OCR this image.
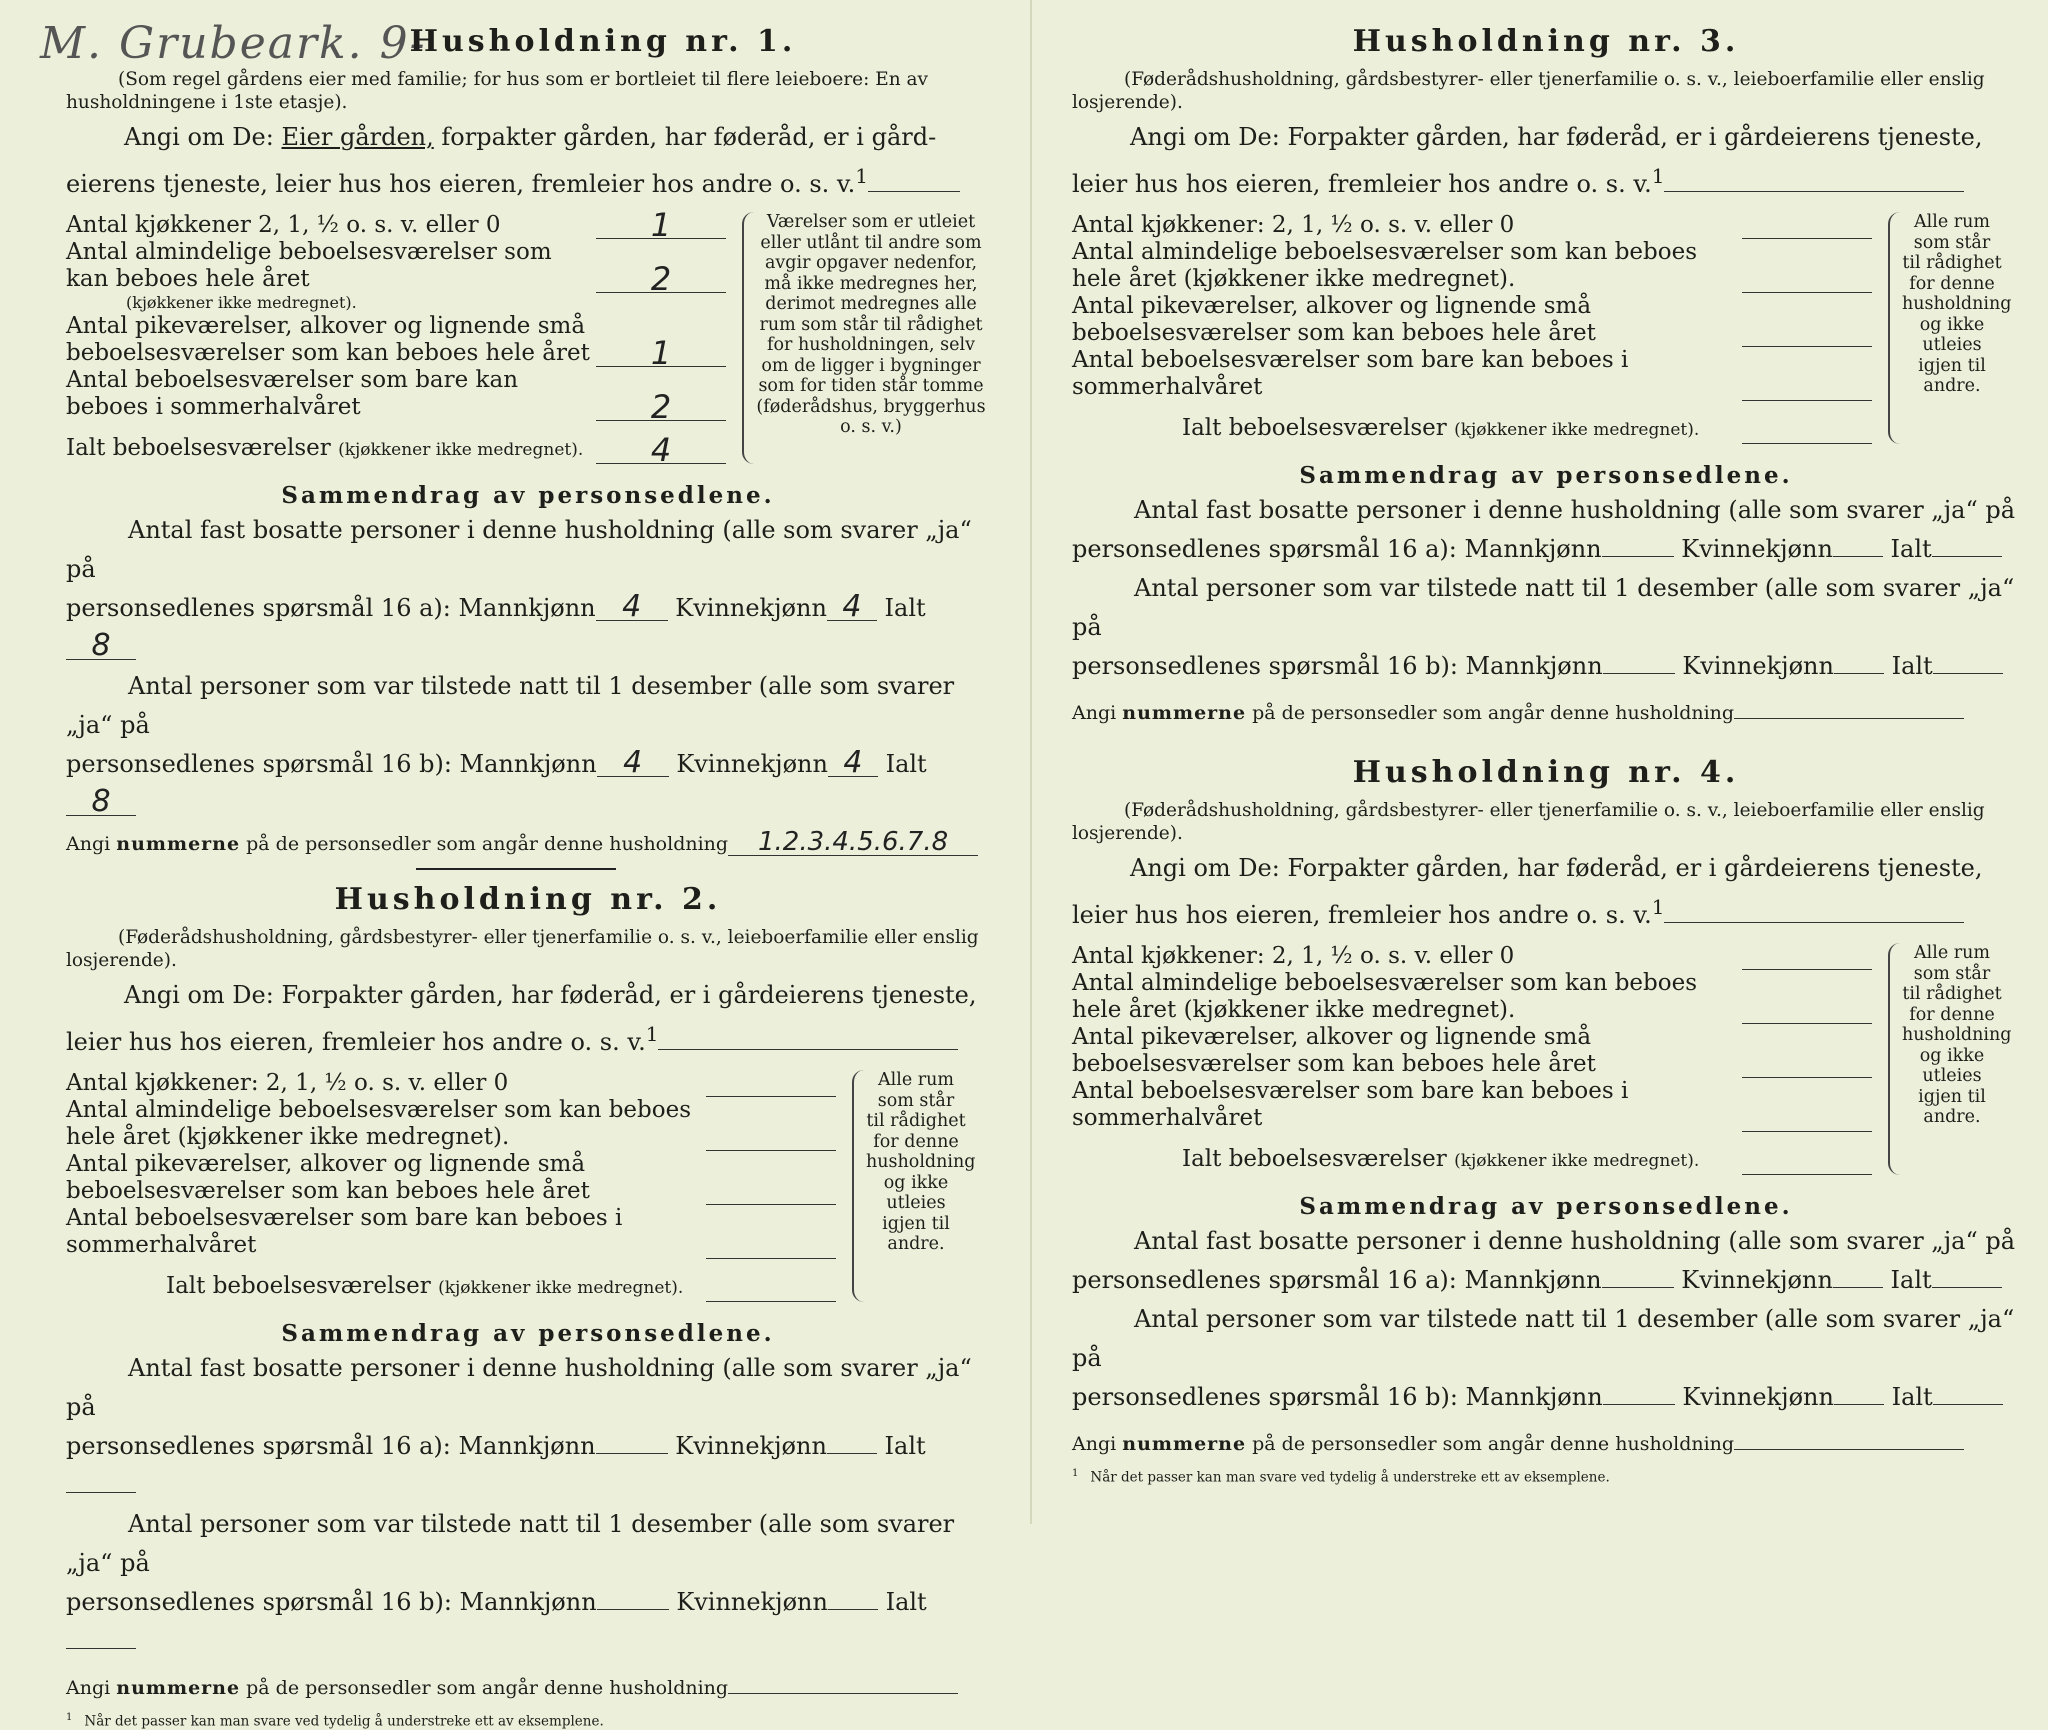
M. Grubeark. 9-
Husholdning nr. 1.

(Som regel gårdens eier med familie; for hus som er bortleiet til flere leieboere: En av husholdningene i 1ste etasje).

Angi om De: Eier gården, forpakter gården, har føderåd, er i gård-
eierens tjeneste, leier hus hos eieren, fremleier hos andre o. s. v.$^1$

Antal kjøkkener 2, 1, ½ o. s. v. eller 0	1
Antal almindelige beboelsesværelser som kan beboes hele året	2
(kjøkkener ikke medregnet).
Antal pikeværelser, alkover og lignende små beboelsesværelser som kan beboes hele året	1
Antal beboelsesværelser som bare kan beboes i sommerhalvåret	2
Ialt beboelsesværelser (kjøkkener ikke medregnet).	4
Værelser som er utleiet eller utlånt til andre som avgir opgaver nedenfor, må ikke medregnes her, derimot medregnes alle rum som står til rådighet for husholdningen, selv om de ligger i bygninger som for tiden står tomme (føderådshus, bryggerhus o. s. v.)
Sammendrag av personsedlene.

Antal fast bosatte personer i denne husholdning (alle som svarer „ja“ på

personsedlenes spørsmål 16 a): Mannkjønn 4 Kvinnekjønn 4 Ialt8

Antal personer som var tilstede natt til 1 desember (alle som svarer „ja“ på

personsedlenes spørsmål 16 b): Mannkjønn 4 Kvinnekjønn 4 Ialt8

Angi nummerne på de personsedler som angår denne husholdning 1.2.3.4.5.6.7.8
Husholdning nr. 2.

(Føderådshusholdning, gårdsbestyrer- eller tjenerfamilie o. s. v., leieboerfamilie eller enslig losjerende).

Angi om De: Forpakter gården, har føderåd, er i gårdeierens tjeneste,
leier hus hos eieren, fremleier hos andre o. s. v.$^1$

Antal kjøkkener: 2, 1, ½ o. s. v. eller 0
Antal almindelige beboelsesværelser som kan beboes hele året (kjøkkener ikke medregnet).
Antal pikeværelser, alkover og lignende små beboelsesværelser som kan beboes hele året
Antal beboelsesværelser som bare kan beboes i sommerhalvåret
Ialt beboelsesværelser (kjøkkener ikke medregnet).
Alle rum som står til rådighet for denne husholdning og ikke utleies igjen til andre.
Sammendrag av personsedlene.

Antal fast bosatte personer i denne husholdning (alle som svarer „ja“ på

personsedlenes spørsmål 16 a): Mannkjønn	Kvinnekjønn Ialt

Antal personer som var tilstede natt til 1 desember (alle som svarer „ja“ på

personsedlenes spørsmål 16 b): Mannkjønn	Kvinnekjønn Ialt

Angi nummerne på de personsedler som angår denne husholdning
$^1$ Når det passer kan man svare ved tydelig å understreke ett av eksemplene.
Husholdning nr. 3.

(Føderådshusholdning, gårdsbestyrer- eller tjenerfamilie o. s. v., leieboerfamilie eller enslig losjerende).

Angi om De: Forpakter gården, har føderåd, er i gårdeierens tjeneste,
leier hus hos eieren, fremleier hos andre o. s. v.$^1$

Antal kjøkkener: 2, 1, ½ o. s. v. eller 0
Antal almindelige beboelsesværelser som kan beboes hele året (kjøkkener ikke medregnet).
Antal pikeværelser, alkover og lignende små beboelsesværelser som kan beboes hele året
Antal beboelsesværelser som bare kan beboes i sommerhalvåret
Ialt beboelsesværelser (kjøkkener ikke medregnet).
Alle rum som står til rådighet for denne husholdning og ikke utleies igjen til andre.
Sammendrag av personsedlene.

Antal fast bosatte personer i denne husholdning (alle som svarer „ja“ på

personsedlenes spørsmål 16 a): Mannkjønn	Kvinnekjønn Ialt

Antal personer som var tilstede natt til 1 desember (alle som svarer „ja“ på

personsedlenes spørsmål 16 b): Mannkjønn	Kvinnekjønn Ialt

Angi nummerne på de personsedler som angår denne husholdning
Husholdning nr. 4.

(Føderådshusholdning, gårdsbestyrer- eller tjenerfamilie o. s. v., leieboerfamilie eller enslig losjerende).

Angi om De: Forpakter gården, har føderåd, er i gårdeierens tjeneste,
leier hus hos eieren, fremleier hos andre o. s. v.$^1$

Antal kjøkkener: 2, 1, ½ o. s. v. eller 0
Antal almindelige beboelsesværelser som kan beboes hele året (kjøkkener ikke medregnet).
Antal pikeværelser, alkover og lignende små beboelsesværelser som kan beboes hele året
Antal beboelsesværelser som bare kan beboes i sommerhalvåret
Ialt beboelsesværelser (kjøkkener ikke medregnet).
Alle rum som står til rådighet for denne husholdning og ikke utleies igjen til andre.
Sammendrag av personsedlene.

Antal fast bosatte personer i denne husholdning (alle som svarer „ja“ på

personsedlenes spørsmål 16 a): Mannkjønn	Kvinnekjønn Ialt

Antal personer som var tilstede natt til 1 desember (alle som svarer „ja“ på

personsedlenes spørsmål 16 b): Mannkjønn	Kvinnekjønn Ialt

Angi nummerne på de personsedler som angår denne husholdning
$^1$ Når det passer kan man svare ved tydelig å understreke ett av eksemplene.
